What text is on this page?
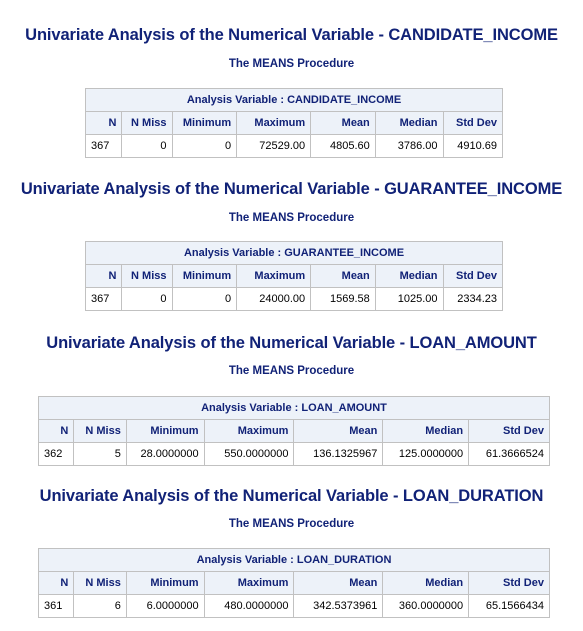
Univariate Analysis of the Numerical Variable - CANDIDATE_INCOME
The MEANS Procedure
Analysis Variable : CANDIDATE_INCOME						
N	N Miss	Minimum	Maximum	Mean	Median	Std Dev
367	0	0	72529.00	4805.60	3786.00	4910.69
Univariate Analysis of the Numerical Variable - GUARANTEE_INCOME
The MEANS Procedure
Analysis Variable : GUARANTEE_INCOME						
N	N Miss	Minimum	Maximum	Mean	Median	Std Dev
367	0	0	24000.00	1569.58	1025.00	2334.23
Univariate Analysis of the Numerical Variable - LOAN_AMOUNT
The MEANS Procedure
Analysis Variable : LOAN_AMOUNT						
N	N Miss	Minimum	Maximum	Mean	Median	Std Dev
362	5	28.0000000	550.0000000	136.1325967	125.0000000	61.3666524
Univariate Analysis of the Numerical Variable - LOAN_DURATION
The MEANS Procedure
Analysis Variable : LOAN_DURATION						
N	N Miss	Minimum	Maximum	Mean	Median	Std Dev
361	6	6.0000000	480.0000000	342.5373961	360.0000000	65.1566434
